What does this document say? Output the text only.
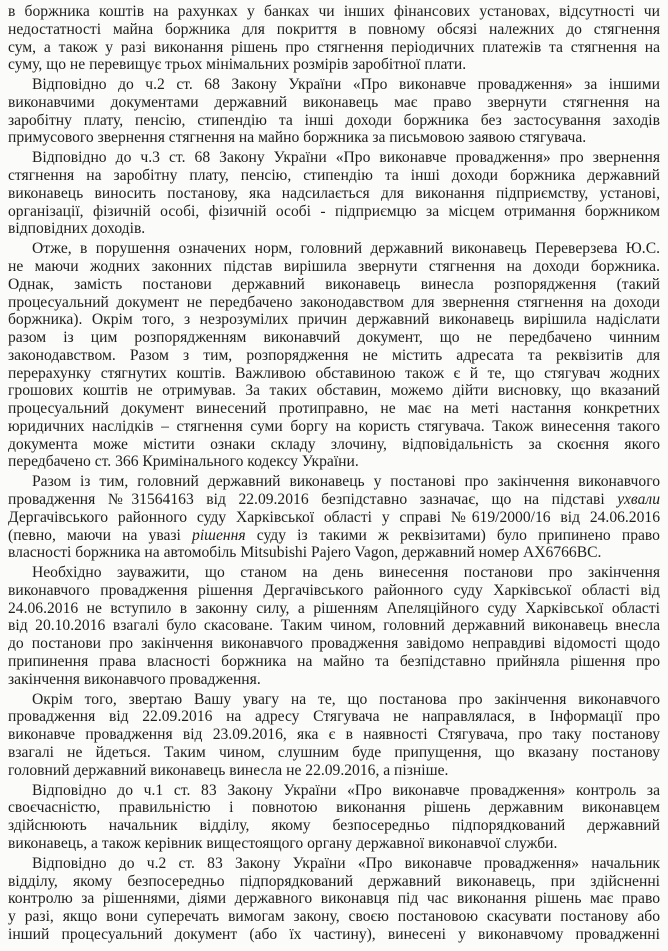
в боржника коштів на рахунках у банках чи інших фінансових установах, відсутності чи
недостатності майна боржника для покриття в повному обсязі належних до стягнення
сум, а також у разі виконання рішень про стягнення періодичних платежів та стягнення на
суму, що не перевищує трьох мінімальних розмірів заробітної плати.
Відповідно до ч.2 ст. 68 Закону України «Про виконавче провадження» за іншими
виконавчими документами державний виконавець має право звернути стягнення на
заробітну плату, пенсію, стипендію та інші доходи боржника без застосування заходів
примусового звернення стягнення на майно боржника за письмовою заявою стягувача.
Відповідно до ч.3 ст. 68 Закону України «Про виконавче провадження» про звернення
стягнення на заробітну плату, пенсію, стипендію та інші доходи боржника державний
виконавець виносить постанову, яка надсилається для виконання підприємству, установі,
організації, фізичній особі, фізичній особі - підприємцю за місцем отримання боржником
відповідних доходів.
Отже, в порушення означених норм, головний державний виконавець Переверзева Ю.С.
не маючи жодних законних підстав вирішила звернути стягнення на доходи боржника.
Однак, замість постанови державний виконавець винесла розпорядження (такий
процесуальний документ не передбачено законодавством для звернення стягнення на доходи
боржника). Окрім того, з незрозумілих причин державний виконавець вирішила надіслати
разом із цим розпорядженням виконавчий документ, що не передбачено чинним
законодавством. Разом з тим, розпорядження не містить адресата та реквізитів для
перерахунку стягнутих коштів. Важливою обставиною також є й те, що стягувач жодних
грошових коштів не отримував. За таких обставин, можемо дійти висновку, що вказаний
процесуальний документ винесений протиправно, не має на меті настання конкретних
юридичних наслідків – стягнення суми боргу на користь стягувача. Також винесення такого
документа може містити ознаки складу злочину, відповідальність за скоєння якого
передбачено ст. 366 Кримінального кодексу України.
Разом із тим, головний державний виконавець у постанові про закінчення виконавчого
провадження №31564163 від 22.09.2016 безпідставно зазначає, що на підставі ухвали
Дергачівського районного суду Харківської області у справі №619/2000/16 від 24.06.2016
(певно, маючи на увазі рішення суду із такими ж реквізитами) було припинено право
власності боржника на автомобіль Mitsubishi Pajero Vagon, державний номер АХ6766ВС.
Необхідно зауважити, що станом на день винесення постанови про закінчення
виконавчого провадження рішення Дергачівського районного суду Харківської області від
24.06.2016 не вступило в законну силу, а рішенням Апеляційного суду Харківської області
від 20.10.2016 взагалі було скасоване. Таким чином, головний державний виконавець внесла
до постанови про закінчення виконавчого провадження завідомо неправдиві відомості щодо
припинення права власності боржника на майно та безпідставно прийняла рішення про
закінчення виконавчого провадження.
Окрім того, звертаю Вашу увагу на те, що постанова про закінчення виконавчого
провадження від 22.09.2016 на адресу Стягувача не направлялася, в Інформації про
виконавче провадження від 23.09.2016, яка є в наявності Стягувача, про таку постанову
взагалі не йдеться. Таким чином, слушним буде припущення, що вказану постанову
головний державний виконавець винесла не 22.09.2016, а пізніше.
Відповідно до ч.1 ст. 83 Закону України «Про виконавче провадження» контроль за
своєчасністю, правильністю і повнотою виконання рішень державним виконавцем
здійснюють начальник відділу, якому безпосередньо підпорядкований державний
виконавець, а також керівник вищестоящого органу державної виконавчої служби.
Відповідно до ч.2 ст. 83 Закону України «Про виконавче провадження» начальник
відділу, якому безпосередньо підпорядкований державний виконавець, при здійсненні
контролю за рішеннями, діями державного виконавця під час виконання рішень має право
у разі, якщо вони суперечать вимогам закону, своєю постановою скасувати постанову або
інший процесуальний документ (або їх частину), винесені у виконавчому провадженні
